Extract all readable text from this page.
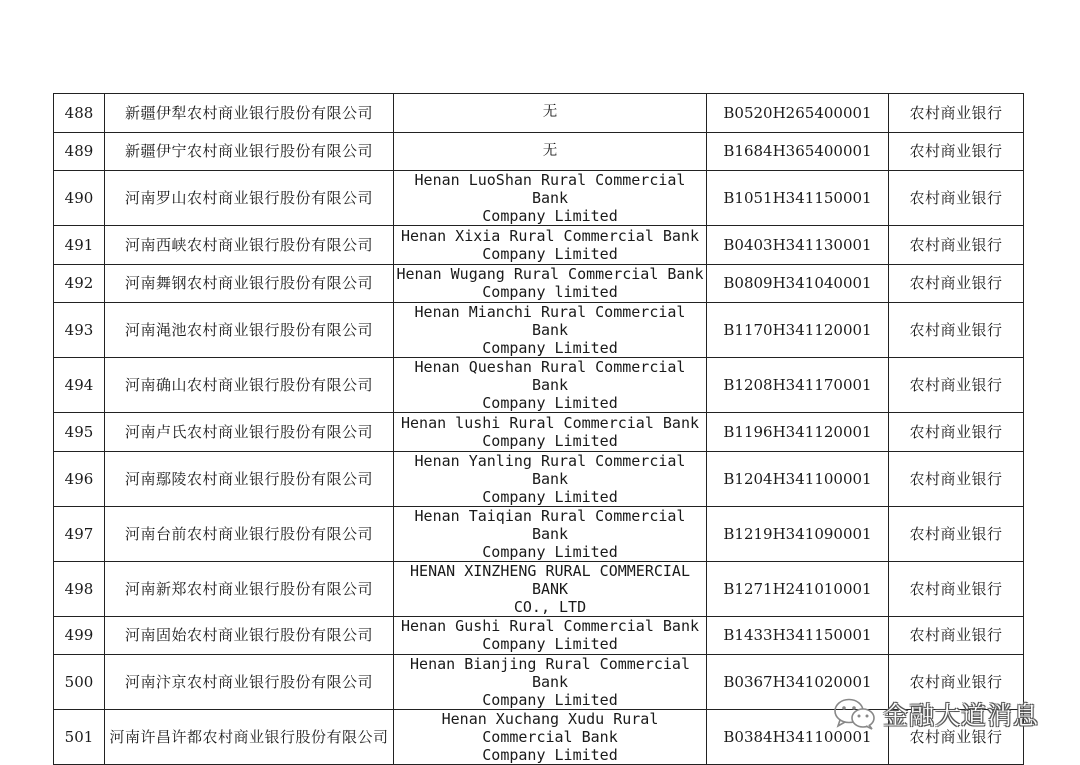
488	新疆伊犁农村商业银行股份有限公司	无	B0520H265400001	农村商业银行
489	新疆伊宁农村商业银行股份有限公司	无	B1684H365400001	农村商业银行
490	河南罗山农村商业银行股份有限公司	Henan LuoShan Rural Commercial Bank
Company Limited	B1051H341150001	农村商业银行
491	河南西峡农村商业银行股份有限公司	Henan Xixia Rural Commercial Bank
Company Limited	B0403H341130001	农村商业银行
492	河南舞钢农村商业银行股份有限公司	Henan Wugang Rural Commercial Bank
Company limited	B0809H341040001	农村商业银行
493	河南渑池农村商业银行股份有限公司	Henan Mianchi Rural Commercial Bank
Company Limited	B1170H341120001	农村商业银行
494	河南确山农村商业银行股份有限公司	Henan Queshan Rural Commercial Bank
Company Limited	B1208H341170001	农村商业银行
495	河南卢氏农村商业银行股份有限公司	Henan lushi Rural Commercial Bank
Company Limited	B1196H341120001	农村商业银行
496	河南鄢陵农村商业银行股份有限公司	Henan Yanling Rural Commercial Bank
Company Limited	B1204H341100001	农村商业银行
497	河南台前农村商业银行股份有限公司	Henan Taiqian Rural Commercial Bank
Company Limited	B1219H341090001	农村商业银行
498	河南新郑农村商业银行股份有限公司	HENAN XINZHENG RURAL COMMERCIAL BANK
CO., LTD	B1271H241010001	农村商业银行
499	河南固始农村商业银行股份有限公司	Henan Gushi Rural Commercial Bank
Company Limited	B1433H341150001	农村商业银行
500	河南汴京农村商业银行股份有限公司	Henan Bianjing Rural Commercial Bank
Company Limited	B0367H341020001	农村商业银行
501	河南许昌许都农村商业银行股份有限公司	Henan Xuchang Xudu Rural Commercial Bank
Company Limited	B0384H341100001	农村商业银行
金融大道消息
